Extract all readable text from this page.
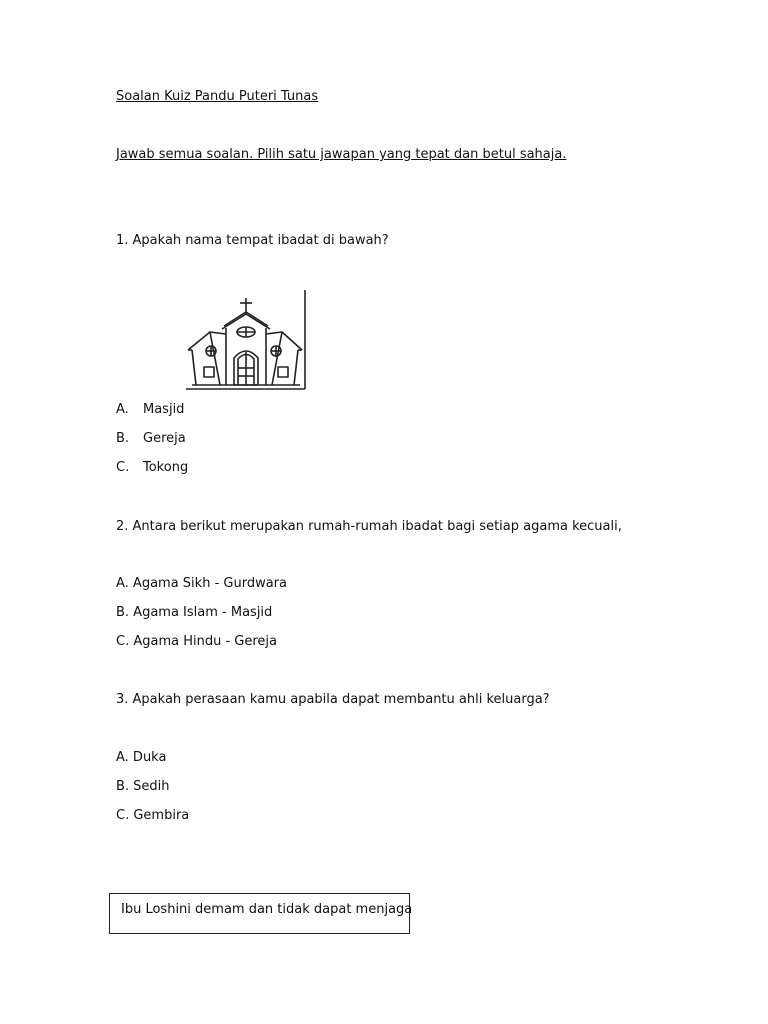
Soalan Kuiz Pandu Puteri Tunas
Jawab semua soalan. Pilih satu jawapan yang tepat dan betul sahaja.
1. Apakah nama tempat ibadat di bawah?
A. Masjid
B. Gereja
C. Tokong
2. Antara berikut merupakan rumah-rumah ibadat bagi setiap agama kecuali,
A. Agama Sikh - Gurdwara
B. Agama Islam - Masjid
C. Agama Hindu - Gereja
3. Apakah perasaan kamu apabila dapat membantu ahli keluarga?
A. Duka
B. Sedih
C. Gembira
Ibu Loshini demam dan tidak dapat menjaga
